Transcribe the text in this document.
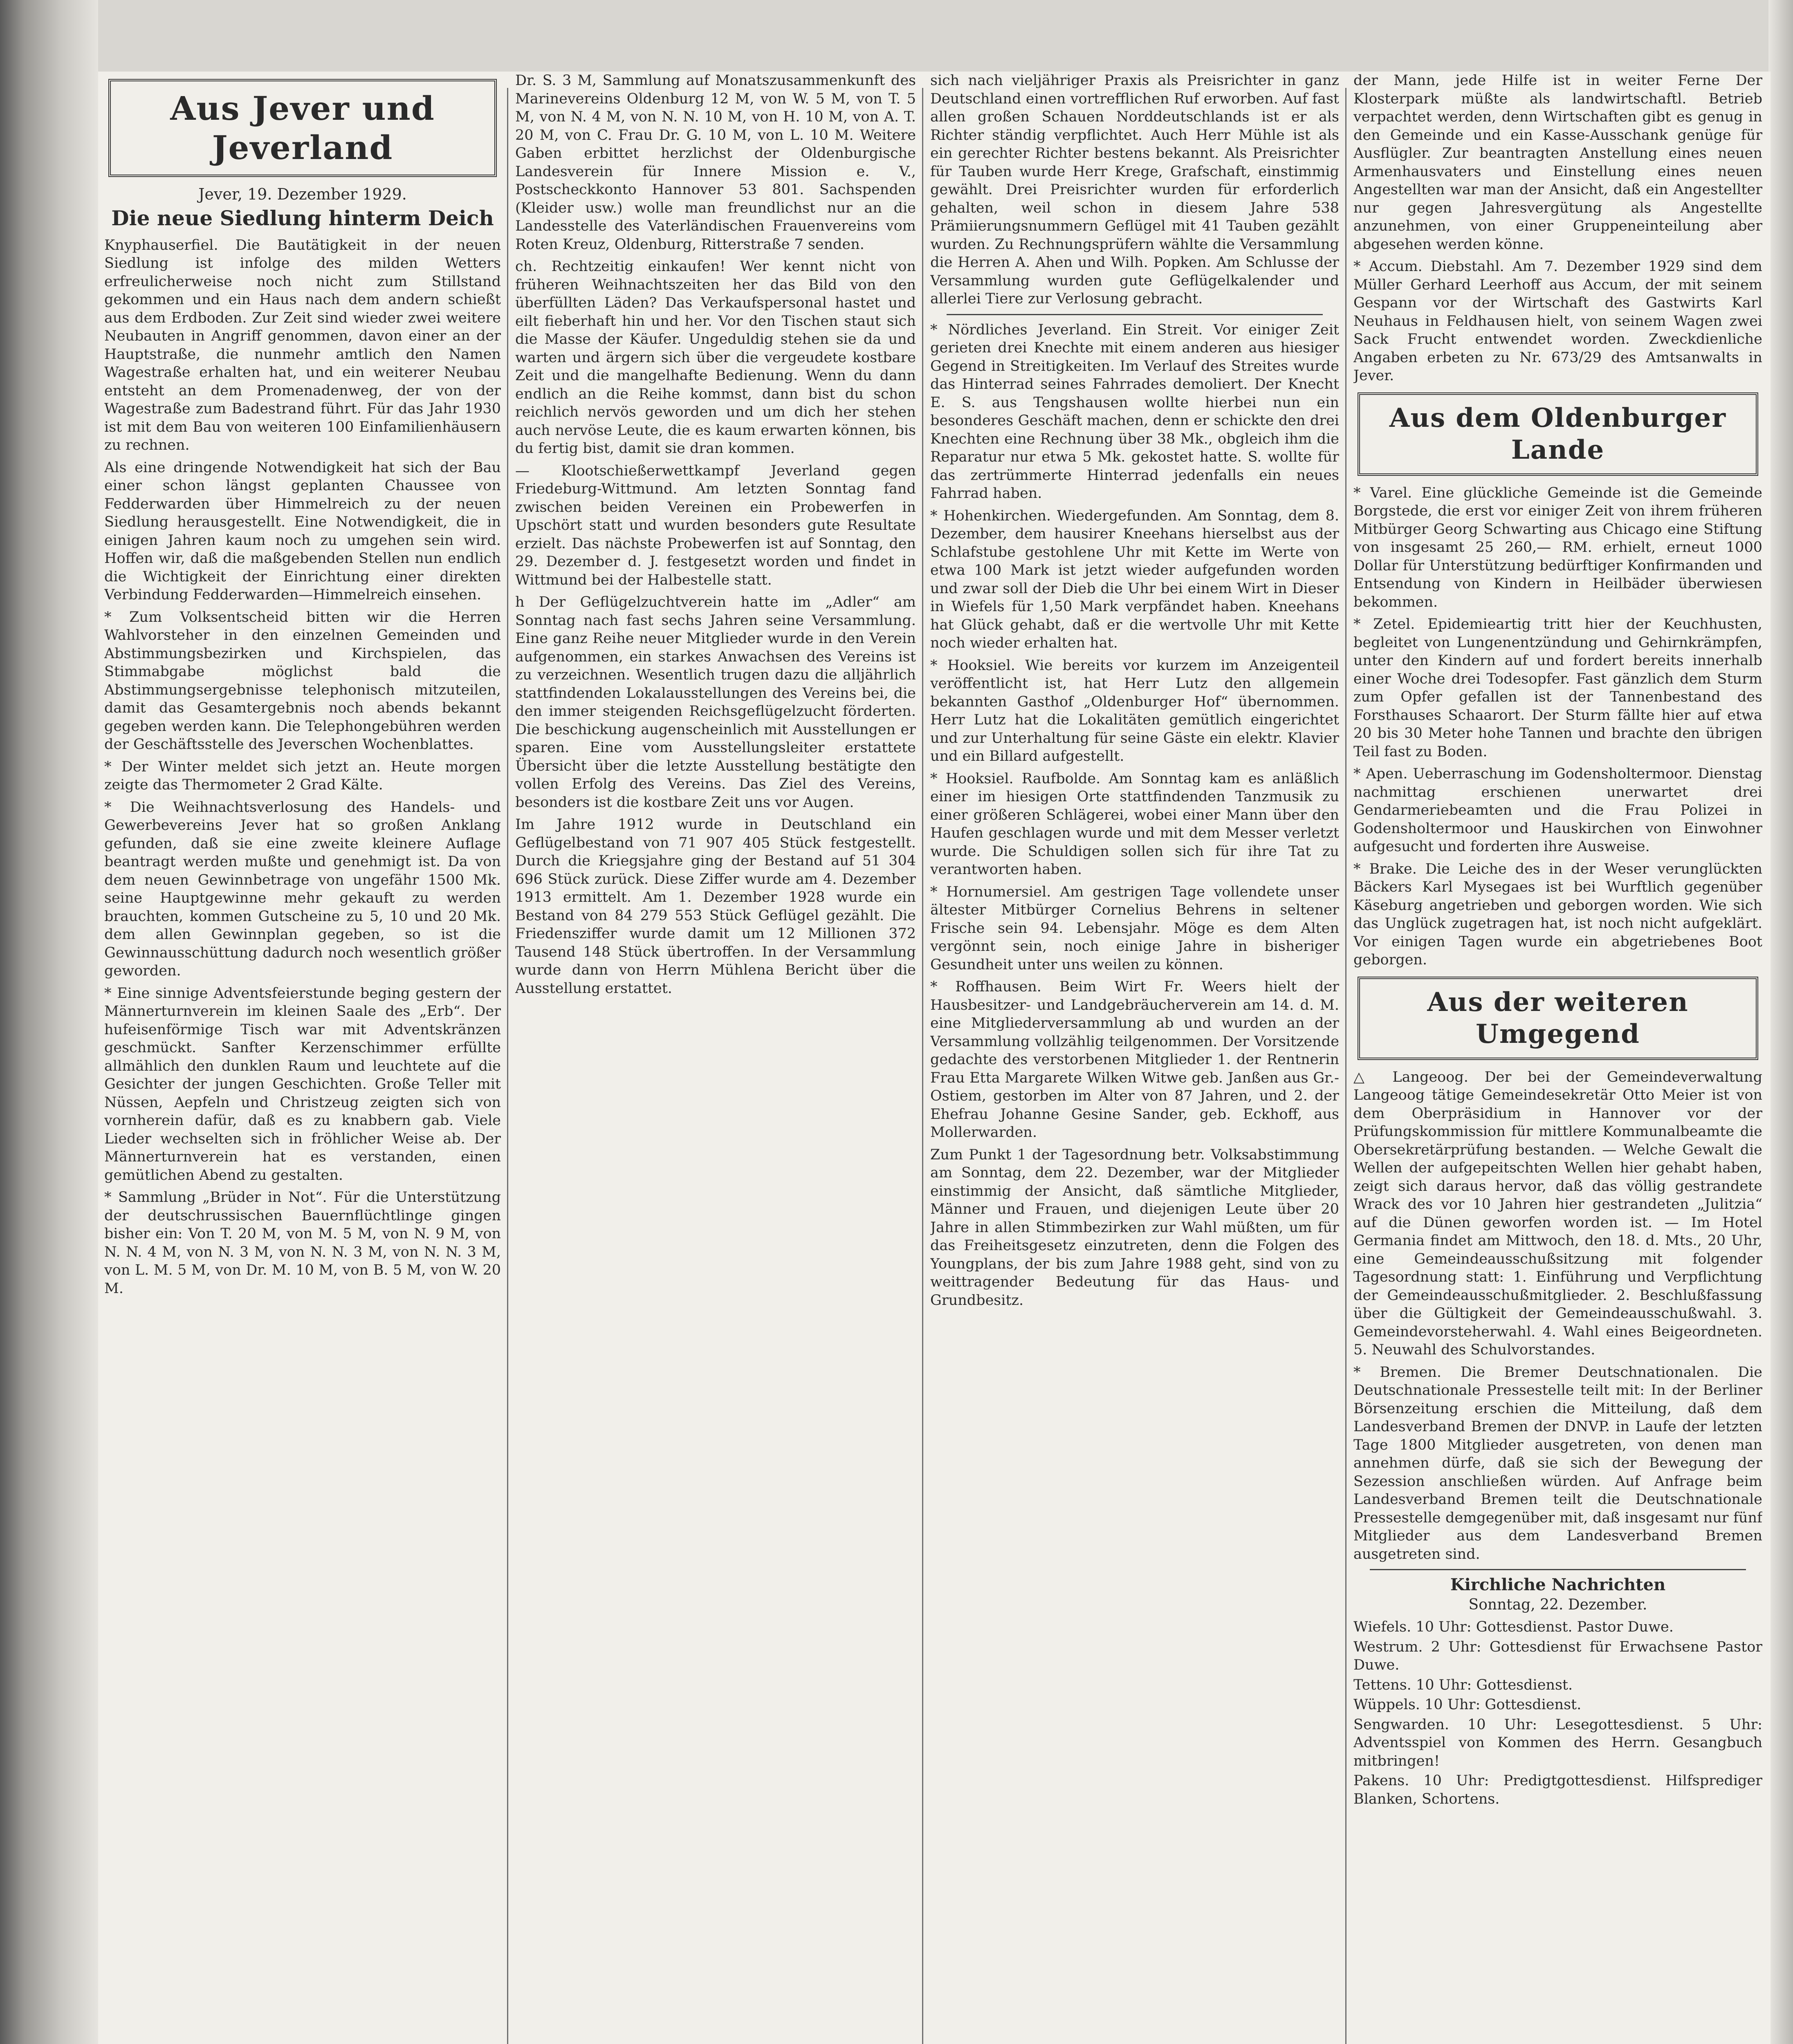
Aus Jever und Jeverland
Jever, 19. Dezember 1929.
Die neue Siedlung hinterm Deich

Knyphauserfiel. Die Bautätigkeit in der neuen Siedlung ist infolge des milden Wetters erfreulicherweise noch nicht zum Stillstand gekommen und ein Haus nach dem andern schießt aus dem Erdboden. Zur Zeit sind wieder zwei weitere Neubauten in Angriff genommen, davon einer an der Hauptstraße, die nunmehr amtlich den Namen Wagestraße erhalten hat, und ein weiterer Neubau entsteht an dem Promenadenweg, der von der Wagestraße zum Badestrand führt. Für das Jahr 1930 ist mit dem Bau von weiteren 100 Einfamilienhäusern zu rechnen.

Als eine dringende Notwendigkeit hat sich der Bau einer schon längst geplanten Chaussee von Fedderwarden über Himmelreich zu der neuen Siedlung herausgestellt. Eine Notwendigkeit, die in einigen Jahren kaum noch zu umgehen sein wird. Hoffen wir, daß die maßgebenden Stellen nun endlich die Wichtigkeit der Einrichtung einer direkten Verbindung Fedderwarden—Himmelreich einsehen.

* Zum Volksentscheid bitten wir die Herren Wahlvorsteher in den einzelnen Gemeinden und Abstimmungsbezirken und Kirchspielen, das Stimmabgabe möglichst bald die Abstimmungsergebnisse telephonisch mitzuteilen, damit das Gesamtergebnis noch abends bekannt gegeben werden kann. Die Telephongebühren werden der Geschäftsstelle des Jeverschen Wochenblattes.

* Der Winter meldet sich jetzt an. Heute morgen zeigte das Thermometer 2 Grad Kälte.

* Die Weihnachtsverlosung des Handels- und Gewerbevereins Jever hat so großen Anklang gefunden, daß sie eine zweite kleinere Auflage beantragt werden mußte und genehmigt ist. Da von dem neuen Gewinnbetrage von ungefähr 1500 Mk. seine Hauptgewinne mehr gekauft zu werden brauchten, kommen Gutscheine zu 5, 10 und 20 Mk. dem allen Gewinnplan gegeben, so ist die Gewinnausschüttung dadurch noch wesentlich größer geworden.

* Eine sinnige Adventsfeierstunde beging gestern der Männerturnverein im kleinen Saale des „Erb“. Der hufeisenförmige Tisch war mit Adventskränzen geschmückt. Sanfter Kerzenschimmer erfüllte allmählich den dunklen Raum und leuchtete auf die Gesichter der jungen Geschichten. Große Teller mit Nüssen, Aepfeln und Christzeug zeigten sich von vornherein dafür, daß es zu knabbern gab. Viele Lieder wechselten sich in fröhlicher Weise ab. Der Männerturnverein hat es verstanden, einen gemütlichen Abend zu gestalten.

* Sammlung „Brüder in Not“. Für die Unterstützung der deutschrussischen Bauernflüchtlinge gingen bisher ein: Von T. 20 M, von M. 5 M, von N. 9 M, von N. N. 4 M, von N. 3 M, von N. N. 3 M, von N. N. 3 M, von L. M. 5 M, von Dr. M. 10 M, von B. 5 M, von W. 20 M.

Dr. S. 3 M, Sammlung auf Monatszusammenkunft des Marinevereins Oldenburg 12 M, von W. 5 M, von T. 5 M, von N. 4 M, von N. N. 10 M, von H. 10 M, von A. T. 20 M, von C. Frau Dr. G. 10 M, von L. 10 M. Weitere Gaben erbittet herzlichst der Oldenburgische Landesverein für Innere Mission e. V., Postscheckkonto Hannover 53 801. Sachspenden (Kleider usw.) wolle man freundlichst nur an die Landesstelle des Vaterländischen Frauenvereins vom Roten Kreuz, Oldenburg, Ritterstraße 7 senden.

ch. Rechtzeitig einkaufen! Wer kennt nicht von früheren Weihnachtszeiten her das Bild von den überfüllten Läden? Das Verkaufspersonal hastet und eilt fieberhaft hin und her. Vor den Tischen staut sich die Masse der Käufer. Ungeduldig stehen sie da und warten und ärgern sich über die vergeudete kostbare Zeit und die mangelhafte Bedienung. Wenn du dann endlich an die Reihe kommst, dann bist du schon reichlich nervös geworden und um dich her stehen auch nervöse Leute, die es kaum erwarten können, bis du fertig bist, damit sie dran kommen.

— Klootschießerwettkampf Jeverland gegen Friedeburg-Wittmund. Am letzten Sonntag fand zwischen beiden Vereinen ein Probewerfen in Upschört statt und wurden besonders gute Resultate erzielt. Das nächste Probewerfen ist auf Sonntag, den 29. Dezember d. J. festgesetzt worden und findet in Wittmund bei der Halbestelle statt.

h Der Geflügelzuchtverein hatte im „Adler“ am Sonntag nach fast sechs Jahren seine Versammlung. Eine ganz Reihe neuer Mitglieder wurde in den Verein aufgenommen, ein starkes Anwachsen des Vereins ist zu verzeichnen. Wesentlich trugen dazu die alljährlich stattfindenden Lokalausstellungen des Vereins bei, die den immer steigenden Reichsgeflügelzucht förderten. Die beschickung augenscheinlich mit Ausstellungen er sparen. Eine vom Ausstellungsleiter erstattete Übersicht über die letzte Ausstellung bestätigte den vollen Erfolg des Vereins. Das Ziel des Vereins, besonders ist die kostbare Zeit uns vor Augen.

Im Jahre 1912 wurde in Deutschland ein Geflügelbestand von 71 907 405 Stück festgestellt. Durch die Kriegsjahre ging der Bestand auf 51 304 696 Stück zurück. Diese Ziffer wurde am 4. Dezember 1913 ermittelt. Am 1. Dezember 1928 wurde ein Bestand von 84 279 553 Stück Geflügel gezählt. Die Friedensziffer wurde damit um 12 Millionen 372 Tausend 148 Stück übertroffen. In der Versammlung wurde dann von Herrn Mühlena Bericht über die Ausstellung erstattet.

sich nach vieljähriger Praxis als Preisrichter in ganz Deutschland einen vortrefflichen Ruf erworben. Auf fast allen großen Schauen Norddeutschlands ist er als Richter ständig verpflichtet. Auch Herr Mühle ist als ein gerechter Richter bestens bekannt. Als Preisrichter für Tauben wurde Herr Krege, Grafschaft, einstimmig gewählt. Drei Preisrichter wurden für erforderlich gehalten, weil schon in diesem Jahre 538 Prämiierungsnummern Geflügel mit 41 Tauben gezählt wurden. Zu Rechnungsprüfern wählte die Versammlung die Herren A. Ahen und Wilh. Popken. Am Schlusse der Versammlung wurden gute Geflügelkalender und allerlei Tiere zur Verlosung gebracht.

* Nördliches Jeverland. Ein Streit. Vor einiger Zeit gerieten drei Knechte mit einem anderen aus hiesiger Gegend in Streitigkeiten. Im Verlauf des Streites wurde das Hinterrad seines Fahrrades demoliert. Der Knecht E. S. aus Tengshausen wollte hierbei nun ein besonderes Geschäft machen, denn er schickte den drei Knechten eine Rechnung über 38 Mk., obgleich ihm die Reparatur nur etwa 5 Mk. gekostet hatte. S. wollte für das zertrümmerte Hinterrad jedenfalls ein neues Fahrrad haben.

* Hohenkirchen. Wiedergefunden. Am Sonntag, dem 8. Dezember, dem hausirer Kneehans hierselbst aus der Schlafstube gestohlene Uhr mit Kette im Werte von etwa 100 Mark ist jetzt wieder aufgefunden worden und zwar soll der Dieb die Uhr bei einem Wirt in Dieser in Wiefels für 1,50 Mark verpfändet haben. Kneehans hat Glück gehabt, daß er die wertvolle Uhr mit Kette noch wieder erhalten hat.

* Hooksiel. Wie bereits vor kurzem im Anzeigenteil veröffentlicht ist, hat Herr Lutz den allgemein bekannten Gasthof „Oldenburger Hof“ übernommen. Herr Lutz hat die Lokalitäten gemütlich eingerichtet und zur Unterhaltung für seine Gäste ein elektr. Klavier und ein Billard aufgestellt.

* Hooksiel. Raufbolde. Am Sonntag kam es anläßlich einer im hiesigen Orte stattfindenden Tanzmusik zu einer größeren Schlägerei, wobei einer Mann über den Haufen geschlagen wurde und mit dem Messer verletzt wurde. Die Schuldigen sollen sich für ihre Tat zu verantworten haben.

* Hornumersiel. Am gestrigen Tage vollendete unser ältester Mitbürger Cornelius Behrens in seltener Frische sein 94. Lebensjahr. Möge es dem Alten vergönnt sein, noch einige Jahre in bisheriger Gesundheit unter uns weilen zu können.

* Roffhausen. Beim Wirt Fr. Weers hielt der Hausbesitzer- und Landgebräucherverein am 14. d. M. eine Mitgliederversammlung ab und wurden an der Versammlung vollzählig teilgenommen. Der Vorsitzende gedachte des verstorbenen Mitglieder 1. der Rentnerin Frau Etta Margarete Wilken Witwe geb. Janßen aus Gr.-Ostiem, gestorben im Alter von 87 Jahren, und 2. der Ehefrau Johanne Gesine Sander, geb. Eckhoff, aus Mollerwarden.

Zum Punkt 1 der Tagesordnung betr. Volksabstimmung am Sonntag, dem 22. Dezember, war der Mitglieder einstimmig der Ansicht, daß sämtliche Mitglieder, Männer und Frauen, und diejenigen Leute über 20 Jahre in allen Stimmbezirken zur Wahl müßten, um für das Freiheitsgesetz einzutreten, denn die Folgen des Youngplans, der bis zum Jahre 1988 geht, sind von zu weittragender Bedeutung für das Haus- und Grundbesitz.

der Mann, jede Hilfe ist in weiter Ferne Der Klosterpark müßte als landwirtschaftl. Betrieb verpachtet werden, denn Wirtschaften gibt es genug in den Gemeinde und ein Kasse-Ausschank genüge für Ausflügler. Zur beantragten Anstellung eines neuen Armenhausvaters und Einstellung eines neuen Angestellten war man der Ansicht, daß ein Angestellter nur gegen Jahresvergütung als Angestellte anzunehmen, von einer Gruppeneinteilung aber abgesehen werden könne.

* Accum. Diebstahl. Am 7. Dezember 1929 sind dem Müller Gerhard Leerhoff aus Accum, der mit seinem Gespann vor der Wirtschaft des Gastwirts Karl Neuhaus in Feldhausen hielt, von seinem Wagen zwei Sack Frucht entwendet worden. Zweckdienliche Angaben erbeten zu Nr. 673/29 des Amtsanwalts in Jever.

Aus dem Oldenburger Lande

* Varel. Eine glückliche Gemeinde ist die Gemeinde Borgstede, die erst vor einiger Zeit von ihrem früheren Mitbürger Georg Schwarting aus Chicago eine Stiftung von insgesamt 25 260,— RM. erhielt, erneut 1000 Dollar für Unterstützung bedürftiger Konfirmanden und Entsendung von Kindern in Heilbäder überwiesen bekommen.

* Zetel. Epidemieartig tritt hier der Keuchhusten, begleitet von Lungenentzündung und Gehirnkrämpfen, unter den Kindern auf und fordert bereits innerhalb einer Woche drei Todesopfer. Fast gänzlich dem Sturm zum Opfer gefallen ist der Tannenbestand des Forsthauses Schaarort. Der Sturm fällte hier auf etwa 20 bis 30 Meter hohe Tannen und brachte den übrigen Teil fast zu Boden.

* Apen. Ueberraschung im Godensholtermoor. Dienstag nachmittag erschienen unerwartet drei Gendarmeriebeamten und die Frau Polizei in Godensholtermoor und Hauskirchen von Einwohner aufgesucht und forderten ihre Ausweise.

* Brake. Die Leiche des in der Weser verunglückten Bäckers Karl Mysegaes ist bei Wurftlich gegenüber Käseburg angetrieben und geborgen worden. Wie sich das Unglück zugetragen hat, ist noch nicht aufgeklärt. Vor einigen Tagen wurde ein abgetriebenes Boot geborgen.

Aus der weiteren Umgegend

△ Langeoog. Der bei der Gemeindeverwaltung Langeoog tätige Gemeindesekretär Otto Meier ist von dem Oberpräsidium in Hannover vor der Prüfungskommission für mittlere Kommunalbeamte die Obersekretärprüfung bestanden. — Welche Gewalt die Wellen der aufgepeitschten Wellen hier gehabt haben, zeigt sich daraus hervor, daß das völlig gestrandete Wrack des vor 10 Jahren hier gestrandeten „Julitzia“ auf die Dünen geworfen worden ist. — Im Hotel Germania findet am Mittwoch, den 18. d. Mts., 20 Uhr, eine Gemeindeausschußsitzung mit folgender Tagesordnung statt: 1. Einführung und Verpflichtung der Gemeindeausschußmitglieder. 2. Beschlußfassung über die Gültigkeit der Gemeindeausschußwahl. 3. Gemeindevorsteherwahl. 4. Wahl eines Beigeordneten. 5. Neuwahl des Schulvorstandes.

* Bremen. Die Bremer Deutschnationalen. Die Deutschnationale Pressestelle teilt mit: In der Berliner Börsenzeitung erschien die Mitteilung, daß dem Landesverband Bremen der DNVP. in Laufe der letzten Tage 1800 Mitglieder ausgetreten, von denen man annehmen dürfe, daß sie sich der Bewegung der Sezession anschließen würden. Auf Anfrage beim Landesverband Bremen teilt die Deutschnationale Pressestelle demgegenüber mit, daß insgesamt nur fünf Mitglieder aus dem Landesverband Bremen ausgetreten sind.

Kirchliche Nachrichten
Sonntag, 22. Dezember.

Wiefels. 10 Uhr: Gottesdienst. Pastor Duwe.

Westrum. 2 Uhr: Gottesdienst für Erwachsene Pastor Duwe.

Tettens. 10 Uhr: Gottesdienst.

Wüppels. 10 Uhr: Gottesdienst.

Sengwarden. 10 Uhr: Lesegottesdienst. 5 Uhr: Adventsspiel von Kommen des Herrn. Gesangbuch mitbringen!

Pakens. 10 Uhr: Predigtgottesdienst. Hilfsprediger Blanken, Schortens.
